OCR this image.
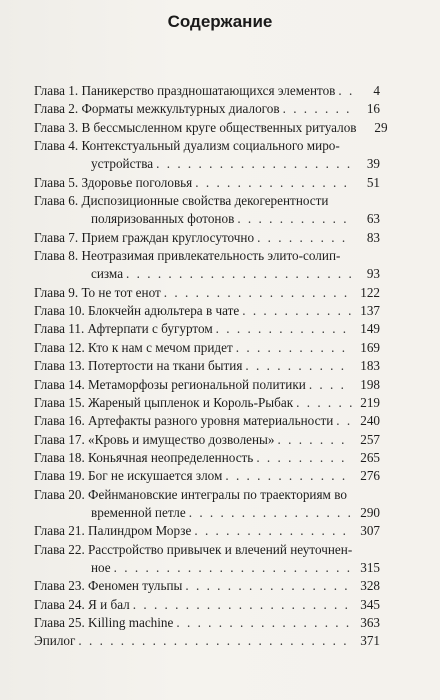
Содержание
Глава 1. Паникерство праздношатающихся элементов . . .	4
Глава 2. Форматы межкультурных диалогов . . .	16
Глава 3. В бессмысленном круге общественных ритуалов	29
Глава 4. Контекстуальный дуализм социального миро-
устройства . . .	39
Глава 5. Здоровье поголовья . . .	51
Глава 6. Диспозиционные свойства декогерентности
поляризованных фотонов . . .	63
Глава 7. Прием граждан круглосуточно . . .	83
Глава 8. Неотразимая привлекательность элито-солип-
сизма . . .	93
Глава 9. То не тот енот . . .	122
Глава 10. Блокчейн адюльтера в чате . . .	137
Глава 11. Афтерпати с бугуртом . . .	149
Глава 12. Кто к нам с мечом придет . . .	169
Глава 13. Потертости на ткани бытия . . .	183
Глава 14. Метаморфозы региональной политики . . .	198
Глава 15. Жареный цыпленок и Король-Рыбак . . .	219
Глава 16. Артефакты разного уровня материальности . . . 240
Глава 17. «Кровь и имущество дозволены» . . .	257
Глава 18. Коньячная неопределенность . . .	265
Глава 19. Бог не искушается злом . . .	276
Глава 20. Фейнмановские интегралы по траекториям во
временной петле . . .	290
Глава 21. Палиндром Морзе . . .	307
Глава 22. Расстройство привычек и влечений неуточнен-
ное . . .	315
Глава 23. Феномен тульпы . . .	328
Глава 24. Я и бал . . .	345
Глава 25. Killing machine . . .	363
Эпилог . . .	371
